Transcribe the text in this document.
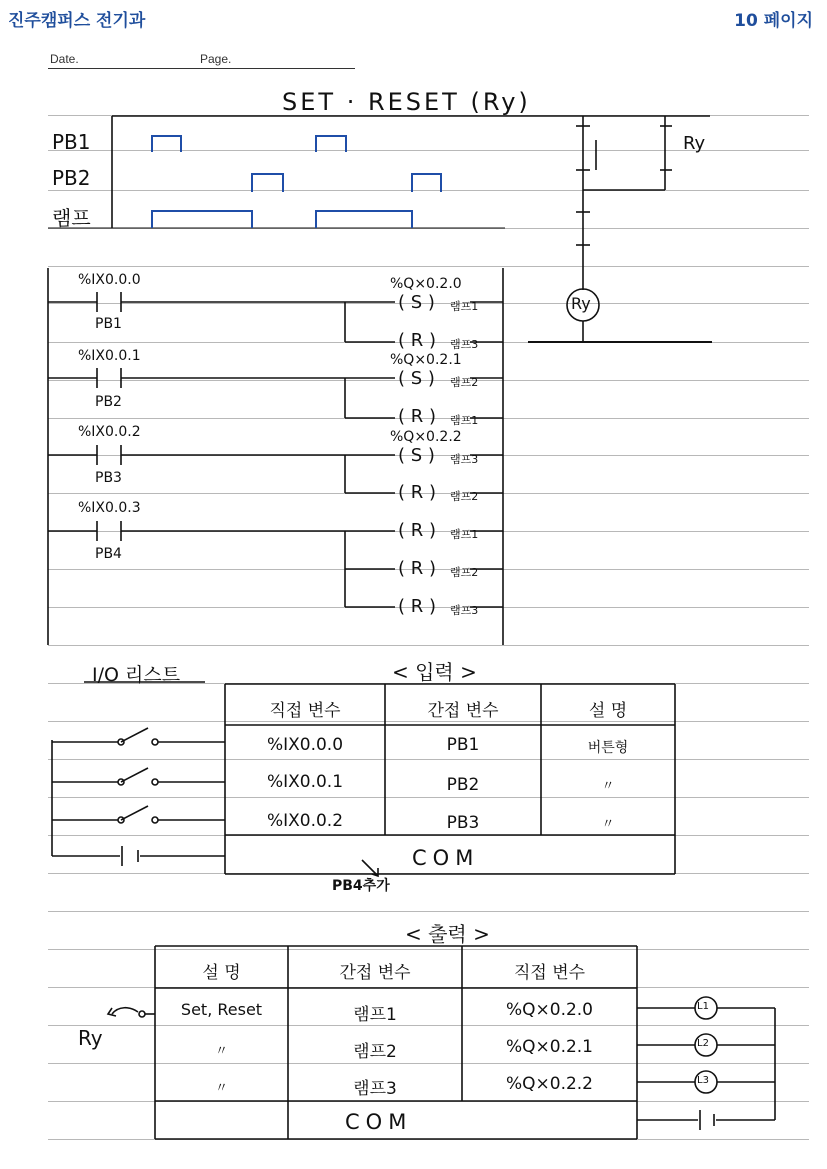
진주캠퍼스 전기과	10 페이지
Date.	Page.
SET · RESET (Ry)
PB1
PB2
램프
Ry
Ry
%IX0.0.0
PB1
%Q×0.2.0
( S ) 램프1
( R ) 램프3
%IX0.0.1
PB2
%Q×0.2.1
( S ) 램프2
( R ) 램프1
%IX0.0.2
PB3
%Q×0.2.2
( S ) 램프3
( R ) 램프2
%IX0.0.3
PB4
( R ) 램프1
( R ) 램프2
( R ) 램프3
I/O 리스트	< 입력 >
직접 변수	간접 변수	설 명
%IX0.0.0	PB1	버튼형
%IX0.0.1	PB2	〃
%IX0.0.2	PB3	〃
COM
PB4추가
< 출력 >
설 명	간접 변수	직접 변수
Set, Reset	램프1	%Q×0.2.0
〃	램프2	%Q×0.2.1
〃	램프3	%Q×0.2.2
COM
L1
L2
L3
Ry
